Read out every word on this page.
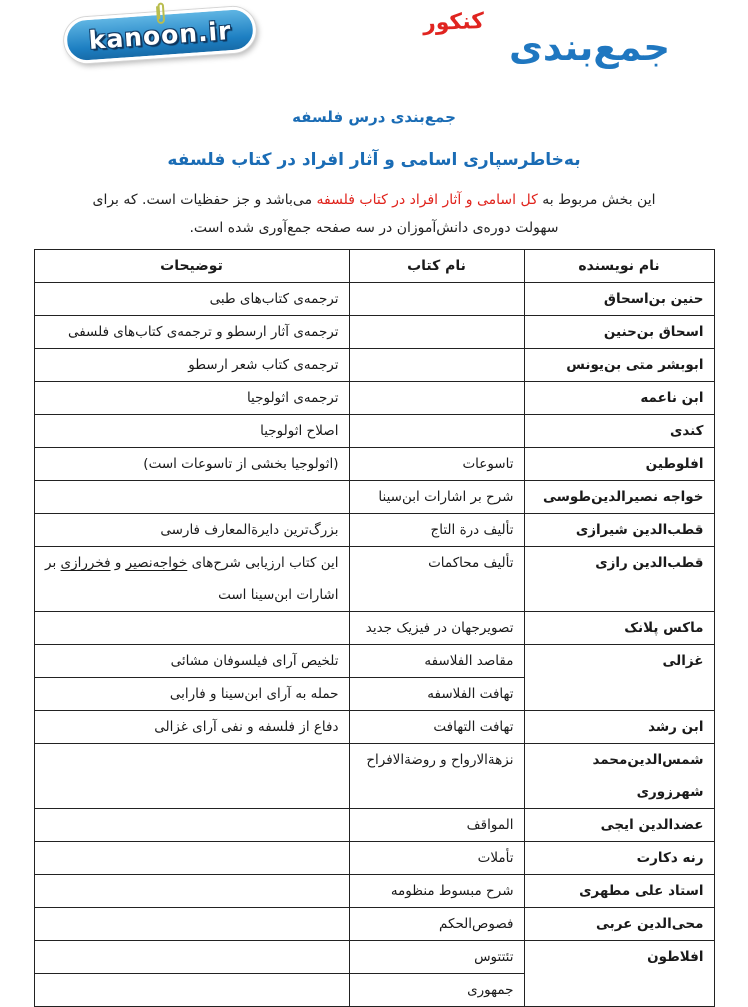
kanoon.ir	کنکور
جمع‌بندی
جمع‌بندی درس فلسفه
به‌خاطرسپاری اسامی و آثار افراد در کتاب فلسفه

این بخش مربوط به کل اسامی و آثار افراد در کتاب فلسفه می‌باشد و جز حفظیات است. که برای سهولت دوره‌ی دانش‌آموزان در سه صفحه جمع‌آوری شده است.

نام نویسنده	نام کتاب	توضیحات
حنین بن‌اسحاق		ترجمه‌ی کتاب‌های طبی
اسحاق بن‌حنین		ترجمه‌ی آثار ارسطو و ترجمه‌ی کتاب‌های فلسفی
ابوبشر متی بن‌یونس		ترجمه‌ی کتاب شعر ارسطو
ابن ناعمه		ترجمه‌ی اثولوجیا
کندی		اصلاح اثولوجیا
افلوطین	تاسوعات	(اثولوجیا بخشی از تاسوعات است)
خواجه نصیرالدین‌طوسی	شرح بر اشارات ابن‌سینا	
قطب‌الدین شیرازی	تألیف درة التاج	بزرگ‌ترین دایرةالمعارف فارسی
قطب‌الدین رازی	تألیف محاکمات	این کتاب ارزیابی شرح‌های خواجه‌نصیر و فخررازی بر اشارات ابن‌سینا است
ماکس پلانک	تصویرجهان در فیزیک جدید	
غزالی	مقاصد الفلاسفه	تلخیص آرای فیلسوفان مشائی
	تهافت الفلاسفه	حمله به آرای ابن‌سینا و فارابی
ابن رشد	تهافت التهافت	دفاع از فلسفه و نفی آرای غزالی
شمس‌الدین‌محمد شهرزوری	نزهةالارواح و روضةالافراح	
عضدالدین ایجی	المواقف	
رنه دکارت	تأملات	
استاد علی مطهری	شرح مبسوط منظومه	
محی‌الدین عربی	فصوص‌الحکم	
افلاطون	تئتتوس	
	جمهوری	
